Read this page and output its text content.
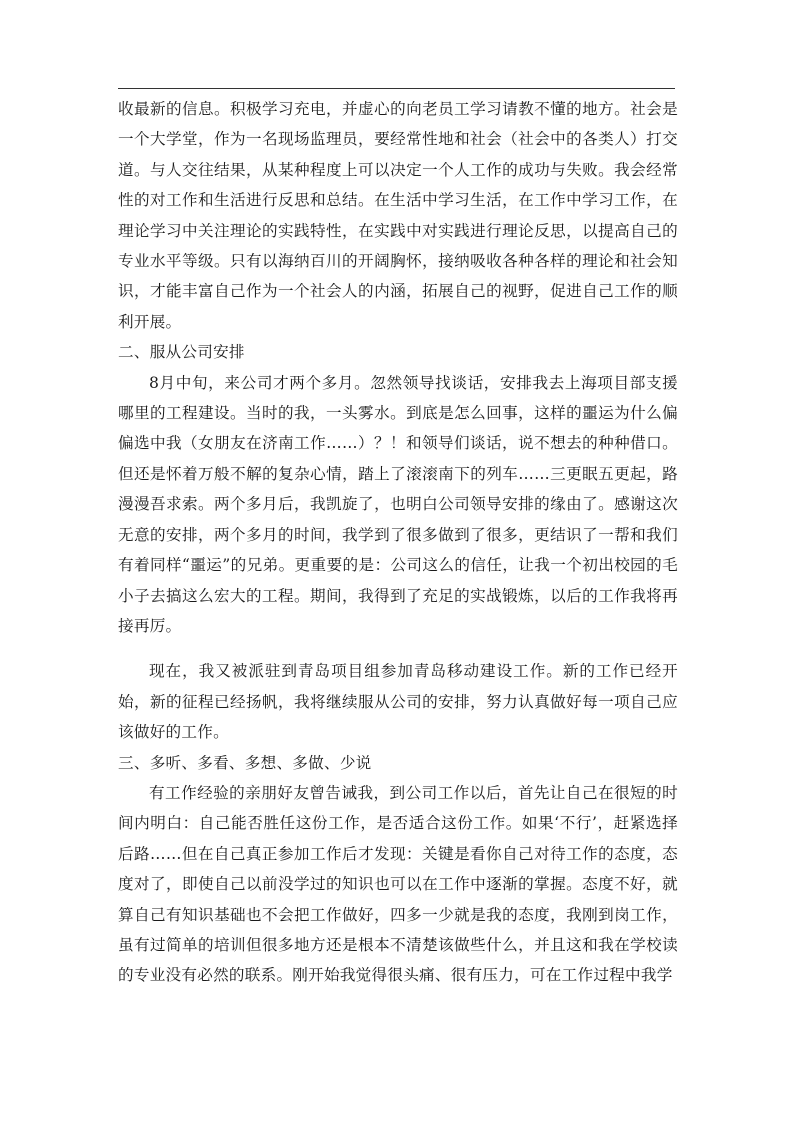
收最新的信息。积极学习充电，并虚心的向老员工学习请教不懂的地方。社会是一个大学堂，作为一名现场监理员，要经常性地和社会（社会中的各类人）打交道。与人交往结果，从某种程度上可以决定一个人工作的成功与失败。我会经常性的对工作和生活进行反思和总结。在生活中学习生活，在工作中学习工作，在理论学习中关注理论的实践特性，在实践中对实践进行理论反思，以提高自己的专业水平等级。只有以海纳百川的开阔胸怀，接纳吸收各种各样的理论和社会知识，才能丰富自己作为一个社会人的内涵，拓展自己的视野，促进自己工作的顺利开展。

二、服从公司安排

8月中旬，来公司才两个多月。忽然领导找谈话，安排我去上海项目部支援哪里的工程建设。当时的我，一头雾水。到底是怎么回事，这样的噩运为什么偏偏选中我（女朋友在济南工作……）？！和领导们谈话，说不想去的种种借口。但还是怀着万般不解的复杂心情，踏上了滚滚南下的列车……三更眠五更起，路漫漫吾求索。两个多月后，我凯旋了，也明白公司领导安排的缘由了。感谢这次无意的安排，两个多月的时间，我学到了很多做到了很多，更结识了一帮和我们有着同样“噩运”的兄弟。更重要的是：公司这么的信任，让我一个初出校园的毛小子去搞这么宏大的工程。期间，我得到了充足的实战锻炼，以后的工作我将再接再厉。

现在，我又被派驻到青岛项目组参加青岛移动建设工作。新的工作已经开始，新的征程已经扬帆，我将继续服从公司的安排，努力认真做好每一项自己应该做好的工作。

三、多听、多看、多想、多做、少说

有工作经验的亲朋好友曾告诫我，到公司工作以后，首先让自己在很短的时间内明白：自己能否胜任这份工作，是否适合这份工作。如果‘不行’，赶紧选择后路……但在自己真正参加工作后才发现：关键是看你自己对待工作的态度，态度对了，即使自己以前没学过的知识也可以在工作中逐渐的掌握。态度不好，就算自己有知识基础也不会把工作做好，四多一少就是我的态度，我刚到岗工作，虽有过简单的培训但很多地方还是根本不清楚该做些什么，并且这和我在学校读的专业没有必然的联系。刚开始我觉得很头痛、很有压力，可在工作过程中我学
